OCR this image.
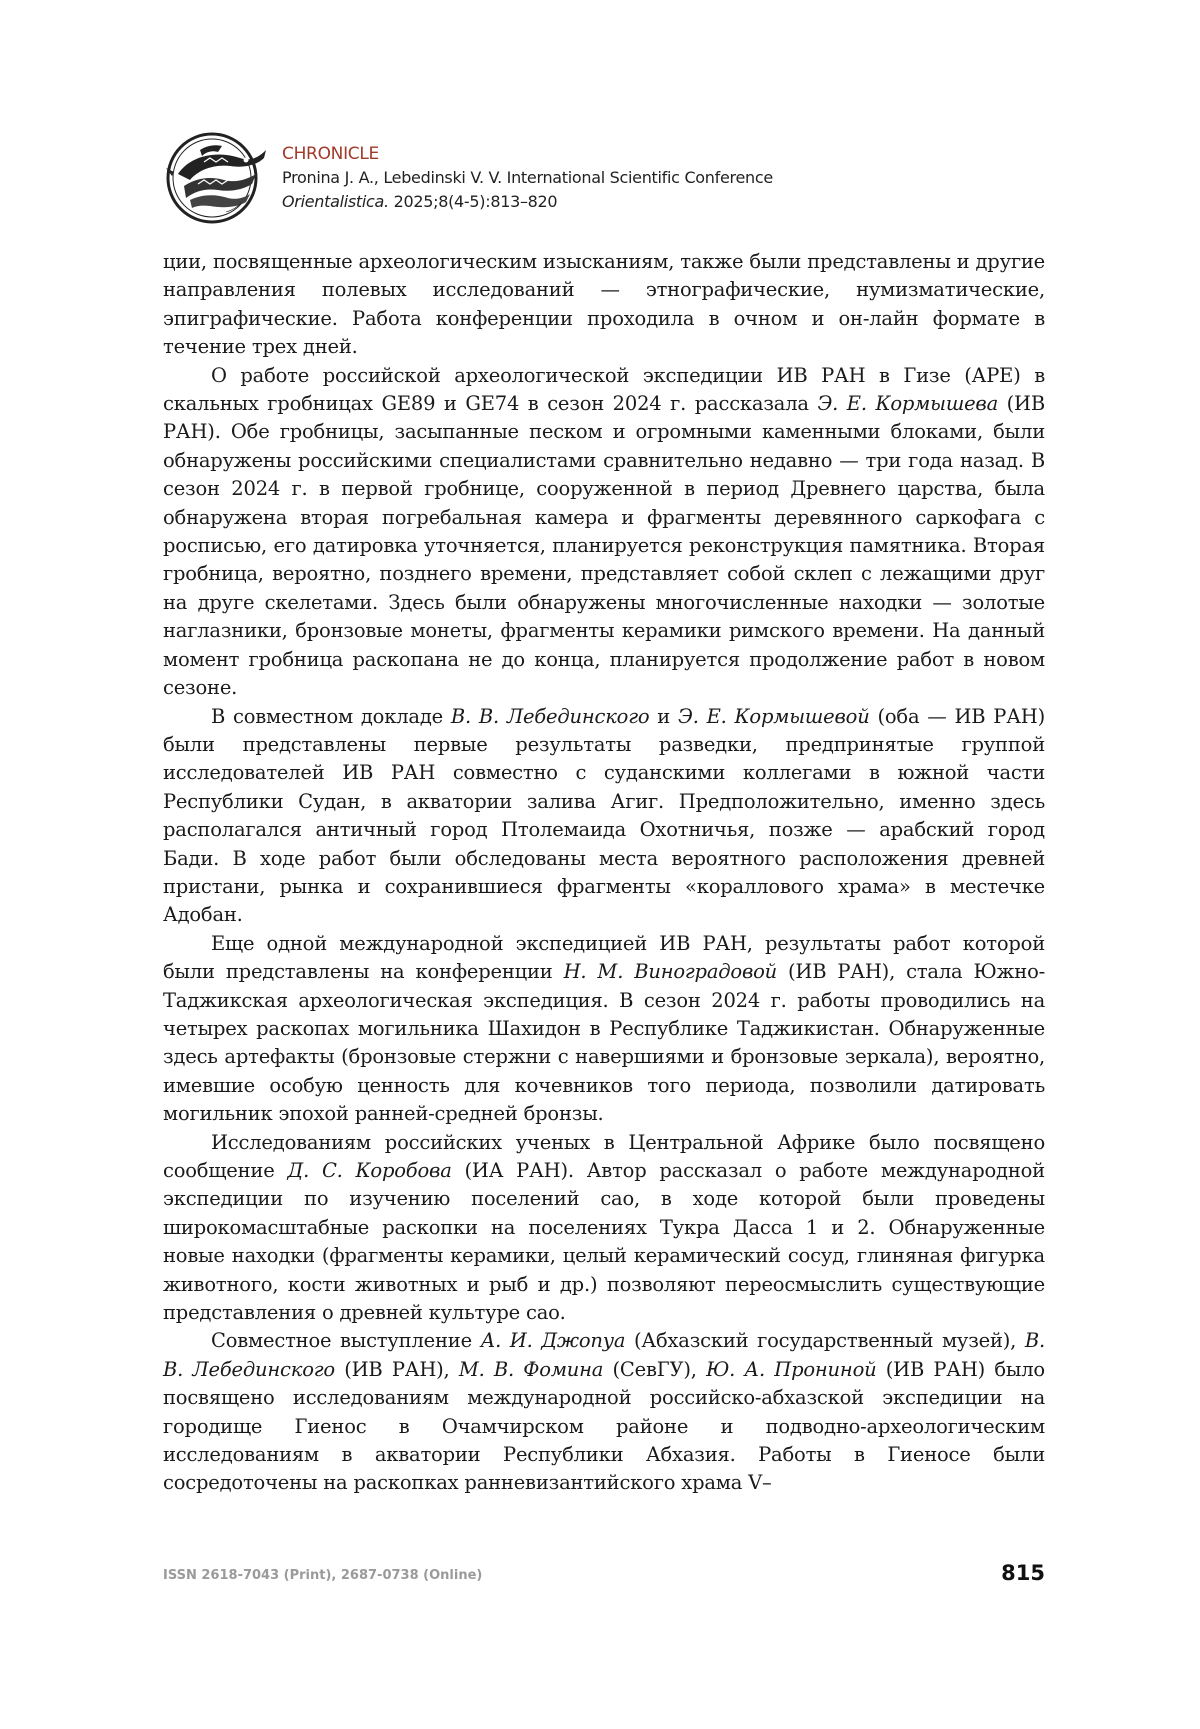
CHRONICLE
Pronina J. A., Lebedinski V. V. International Scientific Conference
Orientalistica. 2025;8(4-5):813–820

ции, посвященные археологическим изысканиям, также были представлены и другие направления полевых исследований — этнографические, нумизматические, эпиграфические. Работа конференции проходила в очном и он-лайн формате в течение трех дней.

О работе российской археологической экспедиции ИВ РАН в Гизе (АРЕ) в скальных гробницах GE89 и GE74 в сезон 2024 г. рассказала Э. Е. Кормышева (ИВ РАН). Обе гробницы, засыпанные песком и огромными каменными блоками, были обнаружены российскими специалистами сравнительно недавно — три года назад. В сезон 2024 г. в первой гробнице, сооруженной в период Древнего царства, была обнаружена вторая погребальная камера и фрагменты деревянного саркофага с росписью, его датировка уточняется, планируется реконструкция памятника. Вторая гробница, вероятно, позднего времени, представляет собой склеп с лежащими друг на друге скелетами. Здесь были обнаружены многочисленные находки — золотые наглазники, бронзовые монеты, фрагменты керамики римского времени. На данный момент гробница раскопана не до конца, планируется продолжение работ в новом сезоне.

В совместном докладе В. В. Лебединского и Э. Е. Кормышевой (оба — ИВ РАН) были представлены первые результаты разведки, предпринятые группой исследователей ИВ РАН совместно с суданскими коллегами в южной части Республики Судан, в акватории залива Агиг. Предположительно, именно здесь располагался античный город Птолемаида Охотничья, позже — арабский город Бади. В ходе работ были обследованы места вероятного расположения древней пристани, рынка и сохранившиеся фрагменты «кораллового храма» в местечке Адобан.

Еще одной международной экспедицией ИВ РАН, результаты работ которой были представлены на конференции Н. М. Виноградовой (ИВ РАН), стала Южно-Таджикская археологическая экспедиция. В сезон 2024 г. работы проводились на четырех раскопах могильника Шахидон в Республике Таджикистан. Обнаруженные здесь артефакты (бронзовые стержни с навершиями и бронзовые зеркала), вероятно, имевшие особую ценность для кочевников того периода, позволили датировать могильник эпохой ранней-средней бронзы.

Исследованиям российских ученых в Центральной Африке было посвящено сообщение Д. С. Коробова (ИА РАН). Автор рассказал о работе международной экспедиции по изучению поселений сао, в ходе которой были проведены широкомасштабные раскопки на поселениях Тукра Дасса 1 и 2. Обнаруженные новые находки (фрагменты керамики, целый керамический сосуд, глиняная фигурка животного, кости животных и рыб и др.) позволяют переосмыслить существующие представления о древней культуре сао.

Совместное выступление А. И. Джопуа (Абхазский государственный музей), В. В. Лебединского (ИВ РАН), М. В. Фомина (СевГУ), Ю. А. Прониной (ИВ РАН) было посвящено исследованиям международной российско-абхазской экспедиции на городище Гиенос в Очамчирском районе и подводно-археологическим исследованиям в акватории Республики Абхазия. Работы в Гиеносе были сосредоточены на раскопках ранневизантийского храма V–

ISSN 2618-7043 (Print), 2687-0738 (Online)	815
